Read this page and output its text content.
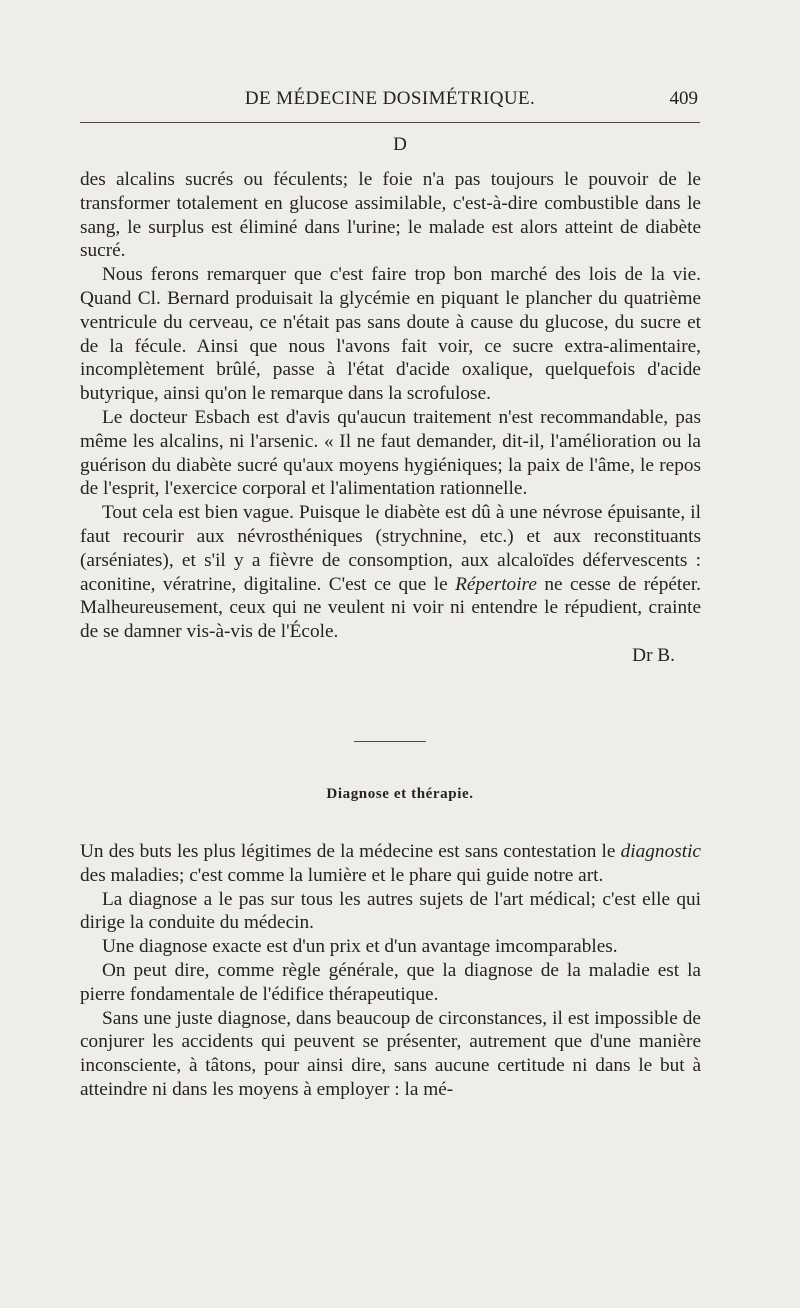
DE MÉDECINE DOSIMÉTRIQUE.	409
D

des alcalins sucrés ou féculents; le foie n'a pas toujours le pouvoir de le transformer totalement en glucose assimilable, c'est-à-dire combustible dans le sang, le surplus est éliminé dans l'urine; le malade est alors atteint de diabète sucré.

Nous ferons remarquer que c'est faire trop bon marché des lois de la vie. Quand Cl. Bernard produisait la glycémie en piquant le plancher du quatrième ventricule du cerveau, ce n'était pas sans doute à cause du glucose, du sucre et de la fécule. Ainsi que nous l'avons fait voir, ce sucre extra-alimentaire, incomplètement brûlé, passe à l'état d'acide oxalique, quelquefois d'acide butyrique, ainsi qu'on le remarque dans la scrofulose.

Le docteur Esbach est d'avis qu'aucun traitement n'est recommandable, pas même les alcalins, ni l'arsenic. « Il ne faut demander, dit-il, l'amélioration ou la guérison du diabète sucré qu'aux moyens hygiéniques; la paix de l'âme, le repos de l'esprit, l'exercice corporal et l'alimentation rationnelle.

Tout cela est bien vague. Puisque le diabète est dû à une névrose épuisante, il faut recourir aux névrosthéniques (strychnine, etc.) et aux reconstituants (arséniates), et s'il y a fièvre de consomption, aux alcaloïdes défervescents : aconitine, vératrine, digitaline. C'est ce que le Répertoire ne cesse de répéter. Malheureusement, ceux qui ne veulent ni voir ni entendre le répudient, crainte de se damner vis-à-vis de l'École.

Dr B.

Diagnose et thérapie.

Un des buts les plus légitimes de la médecine est sans contestation le diagnostic des maladies; c'est comme la lumière et le phare qui guide notre art.

La diagnose a le pas sur tous les autres sujets de l'art médical; c'est elle qui dirige la conduite du médecin.

Une diagnose exacte est d'un prix et d'un avantage imcomparables.

On peut dire, comme règle générale, que la diagnose de la maladie est la pierre fondamentale de l'édifice thérapeutique.

Sans une juste diagnose, dans beaucoup de circonstances, il est impossible de conjurer les accidents qui peuvent se présenter, autrement que d'une manière inconsciente, à tâtons, pour ainsi dire, sans aucune certitude ni dans le but à atteindre ni dans les moyens à employer : la mé-
